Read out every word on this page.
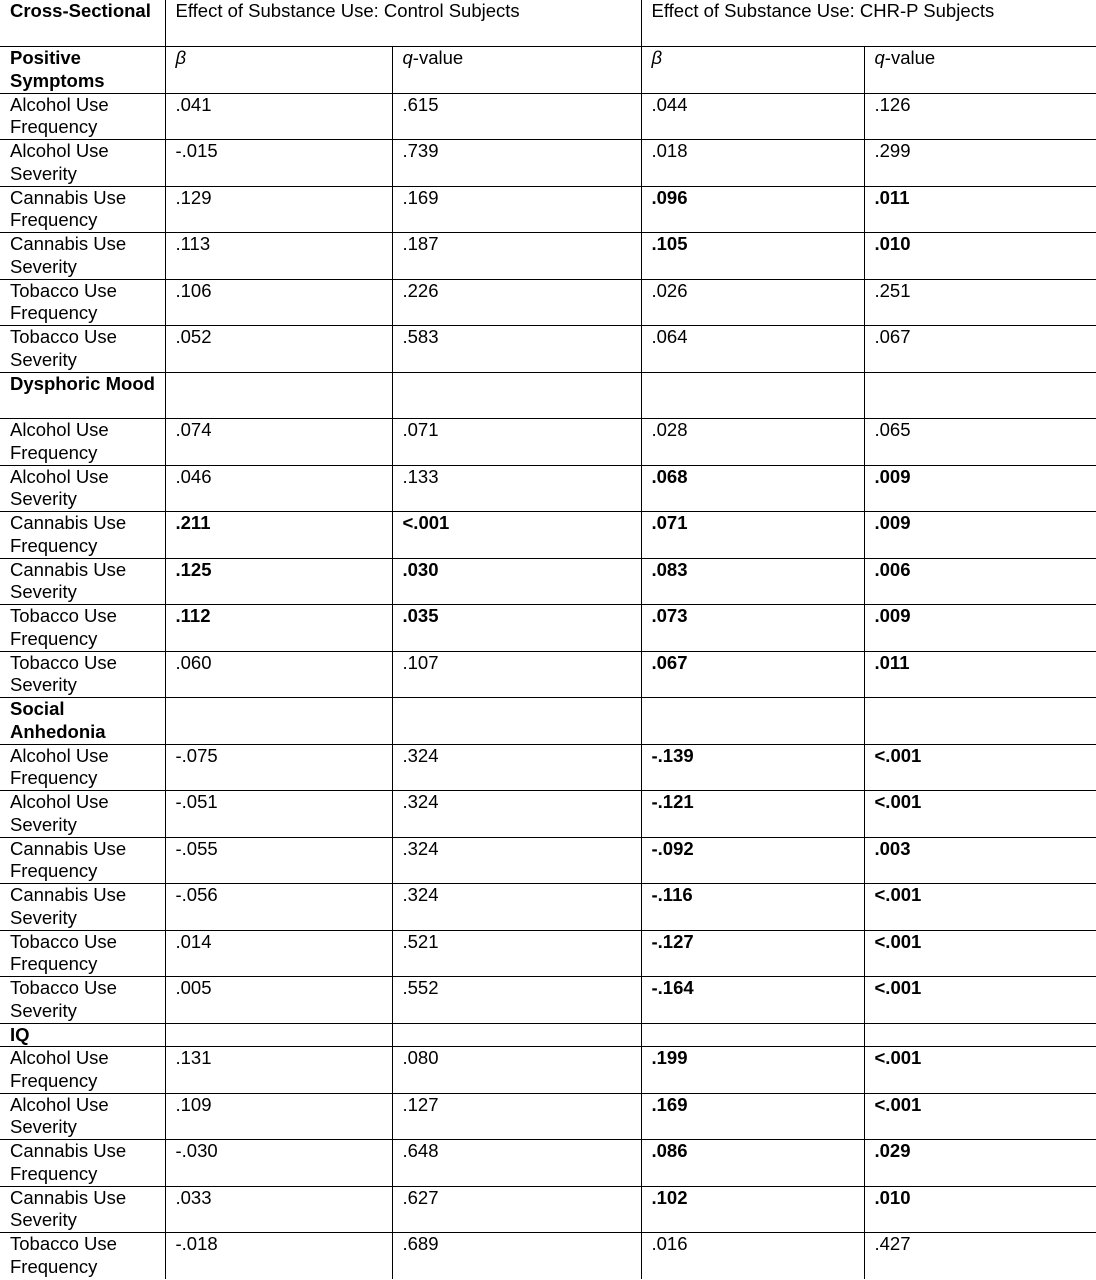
Cross-Sectional	Effect of Substance Use: Control Subjects		Effect of Substance Use: CHR-P Subjects	
Positive Symptoms	β	q-value	β	q-value
Alcohol Use Frequency	.041	.615	.044	.126
Alcohol Use Severity	-.015	.739	.018	.299
Cannabis Use Frequency	.129	.169	.096	.011
Cannabis Use Severity	.113	.187	.105	.010
Tobacco Use Frequency	.106	.226	.026	.251
Tobacco Use Severity	.052	.583	.064	.067
Dysphoric Mood				
Alcohol Use Frequency	.074	.071	.028	.065
Alcohol Use Severity	.046	.133	.068	.009
Cannabis Use Frequency	.211	<.001	.071	.009
Cannabis Use Severity	.125	.030	.083	.006
Tobacco Use Frequency	.112	.035	.073	.009
Tobacco Use Severity	.060	.107	.067	.011
Social Anhedonia				
Alcohol Use Frequency	-.075	.324	-.139	<.001
Alcohol Use Severity	-.051	.324	-.121	<.001
Cannabis Use Frequency	-.055	.324	-.092	.003
Cannabis Use Severity	-.056	.324	-.116	<.001
Tobacco Use Frequency	.014	.521	-.127	<.001
Tobacco Use Severity	.005	.552	-.164	<.001
IQ				
Alcohol Use Frequency	.131	.080	.199	<.001
Alcohol Use Severity	.109	.127	.169	<.001
Cannabis Use Frequency	-.030	.648	.086	.029
Cannabis Use Severity	.033	.627	.102	.010
Tobacco Use Frequency	-.018	.689	.016	.427
